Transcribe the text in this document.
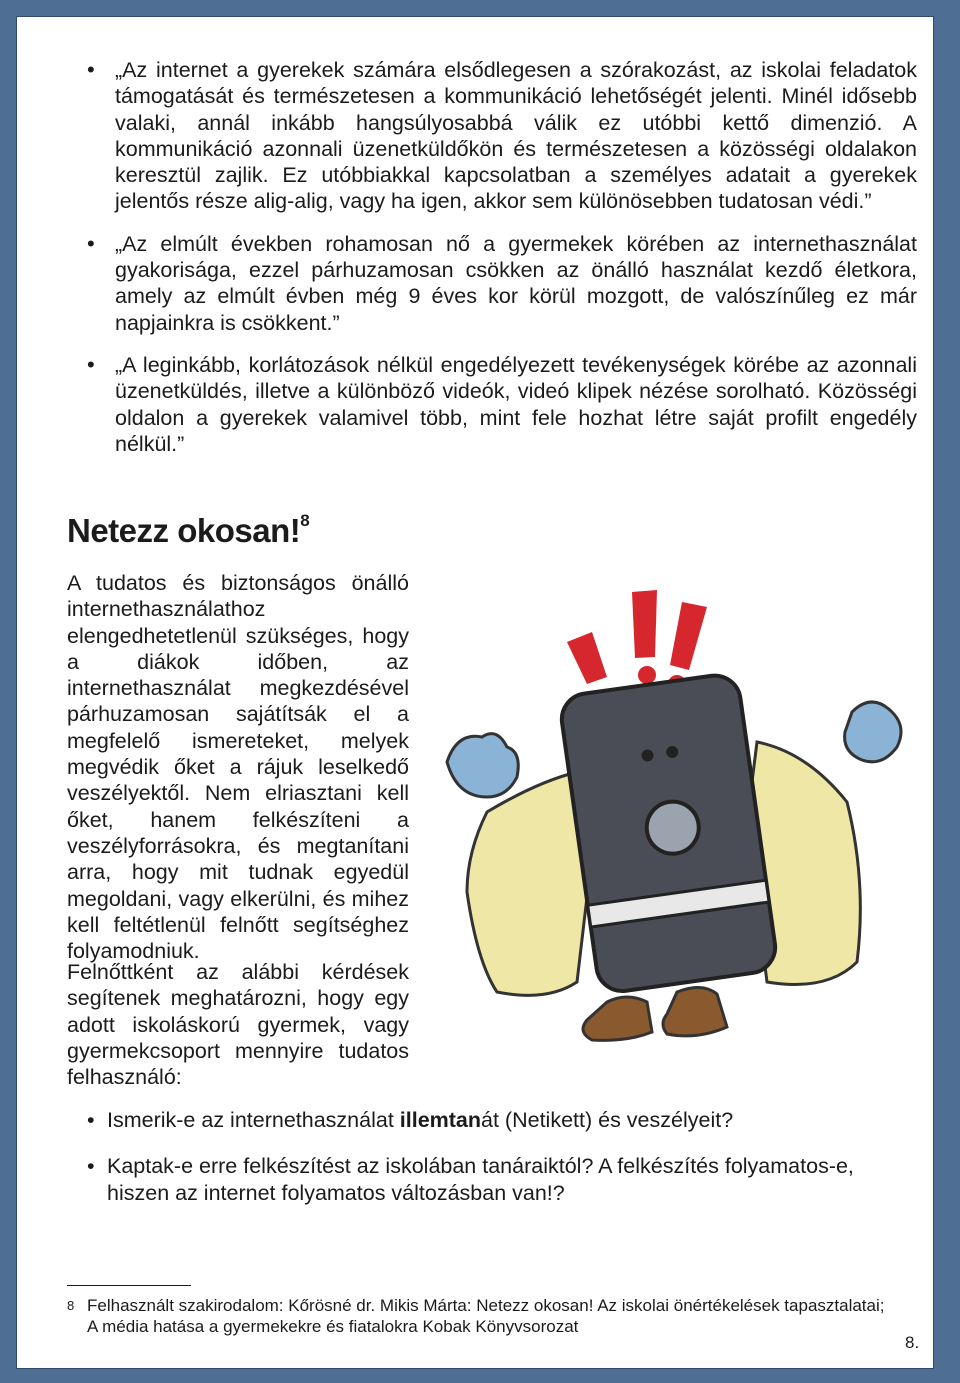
• „Az internet a gyerekek számára elsődlegesen a szórakozást, az iskolai feladatok támogatását és természetesen a kommunikáció lehetőségét jelenti. Minél idősebb valaki, annál inkább hangsúlyosabbá válik ez utóbbi kettő dimenzió. A kommunikáció azonnali üzenetküldőkön és természetesen a közösségi oldalakon keresztül zajlik. Ez utóbbiakkal kapcsolatban a személyes adatait a gyerekek jelentős része alig-alig, vagy ha igen, akkor sem különösebben tudatosan védi.”
• „Az elmúlt években rohamosan nő a gyermekek körében az internethasználat gyakorisága, ezzel párhuzamosan csökken az önálló használat kezdő életkora, amely az elmúlt évben még 9 éves kor körül mozgott, de valószínűleg ez már napjainkra is csökkent.”
• „A leginkább, korlátozások nélkül engedélyezett tevékenységek körébe az azonnali üzenetküldés, illetve a különböző videók, videó klipek nézése sorolható. Közösségi oldalon a gyerekek valamivel több, mint fele hozhat létre saját profilt engedély nélkül.”
Netezz okosan!$^8$

A tudatos és biztonságos önálló internethasználathoz elengedhetetlenül szükséges, hogy a diákok időben, az internethasználat megkezdésével párhuzamosan sajátítsák el a megfelelő ismereteket, melyek megvédik őket a rájuk leselkedő veszélyektől. Nem elriasztani kell őket, hanem felkészíteni a veszélyforrásokra, és megtanítani arra, hogy mit tudnak egyedül megoldani, vagy elkerülni, és mihez kell feltétlenül felnőtt segítséghez folyamodniuk.

Felnőttként az alábbi kérdések segítenek meghatározni, hogy egy adott iskoláskorú gyermek, vagy gyermekcsoport mennyire tudatos felhasználó:

• Ismerik-e az internethasználat illemtanát (Netikett) és veszélyeit?
• Kaptak-e erre felkészítést az iskolában tanáraiktól? A felkészítés folyamatos-e, hiszen az internet folyamatos változásban van!?
8 Felhasznált szakirodalom: Kőrösné dr. Mikis Márta: Netezz okosan! Az iskolai önértékelések tapasztalatai; A média hatása a gyermekekre és fiatalokra Kobak Könyvsorozat
8.
